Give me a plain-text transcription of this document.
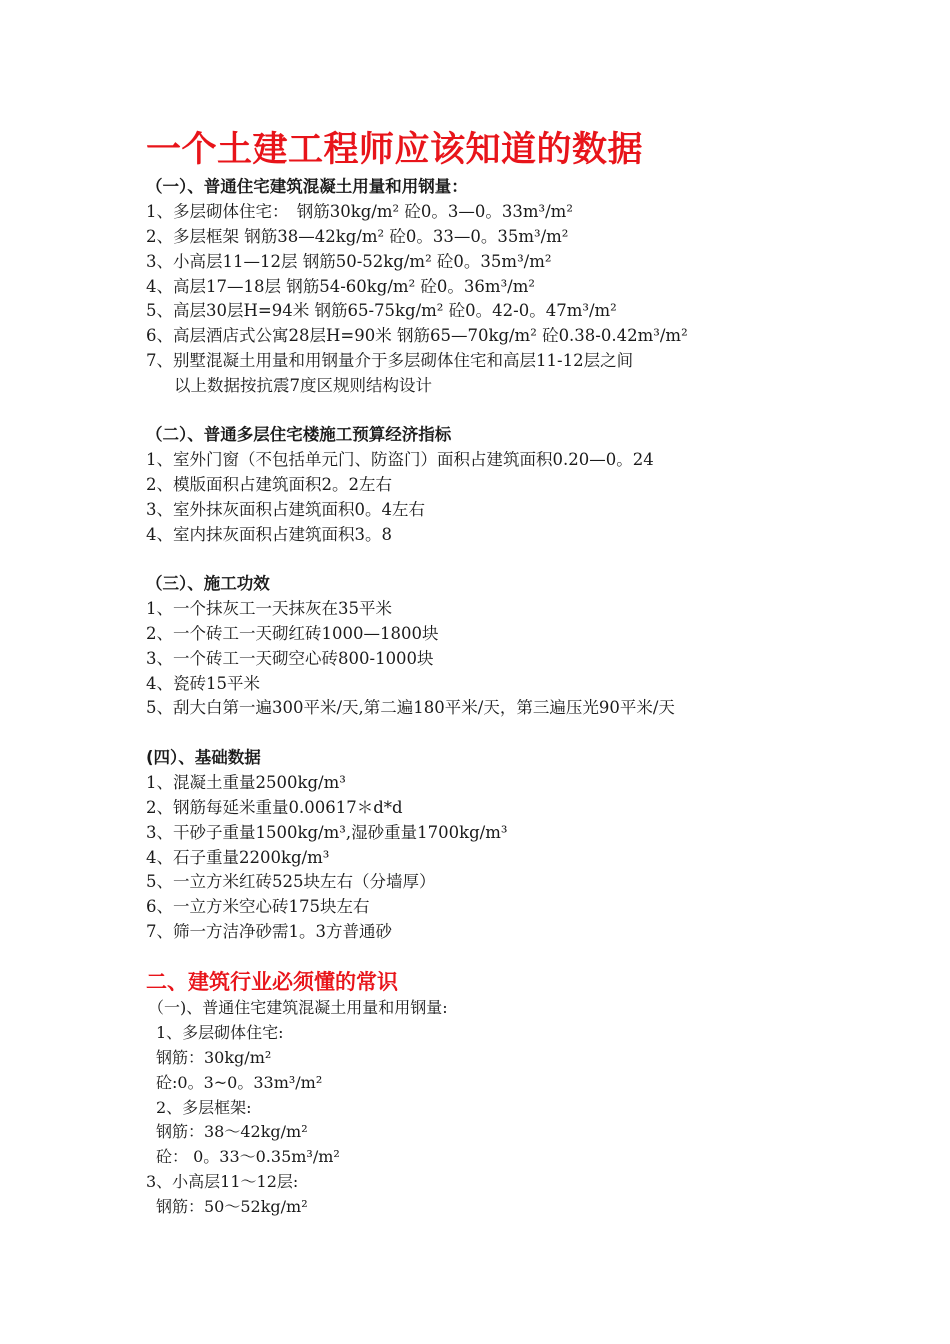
一个土建工程师应该知道的数据
（一）、普通住宅建筑混凝土用量和用钢量：
1、多层砌体住宅：　钢筋30kg/m² 砼0。3—0。33m³/m²
2、多层框架 钢筋38—42kg/m² 砼0。33—0。35m³/m²
3、小高层11—12层 钢筋50-52kg/m² 砼0。35m³/m²
4、高层17—18层 钢筋54-60kg/m² 砼0。36m³/m²
5、高层30层H=94米 钢筋65-75kg/m² 砼0。42-0。47m³/m²
6、高层酒店式公寓28层H=90米 钢筋65—70kg/m² 砼0.38-0.42m³/m²
7、别墅混凝土用量和用钢量介于多层砌体住宅和高层11-12层之间
以上数据按抗震7度区规则结构设计
（二）、普通多层住宅楼施工预算经济指标
1、室外门窗（不包括单元门、防盗门）面积占建筑面积0.20—0。24
2、模版面积占建筑面积2。2左右
3、室外抹灰面积占建筑面积0。4左右
4、室内抹灰面积占建筑面积3。8
（三）、施工功效
1、一个抹灰工一天抹灰在35平米
2、一个砖工一天砌红砖1000—1800块
3、一个砖工一天砌空心砖800-1000块
4、瓷砖15平米
5、刮大白第一遍300平米/天,第二遍180平米/天，第三遍压光90平米/天
(四）、基础数据
1、混凝土重量2500kg/m³
2、钢筋每延米重量0.00617＊d*d
3、干砂子重量1500kg/m³,湿砂重量1700kg/m³
4、石子重量2200kg/m³
5、一立方米红砖525块左右（分墙厚）
6、一立方米空心砖175块左右
7、筛一方洁净砂需1。3方普通砂
二、建筑行业必须懂的常识
（一)、普通住宅建筑混凝土用量和用钢量:
1、多层砌体住宅:
钢筋：30kg/m²
砼:0。3~0。33m³/m²
2、多层框架:
钢筋：38～42kg/m²
砼： 0。33～0.35m³/m²
3、小高层11～12层:
钢筋：50～52kg/m²
